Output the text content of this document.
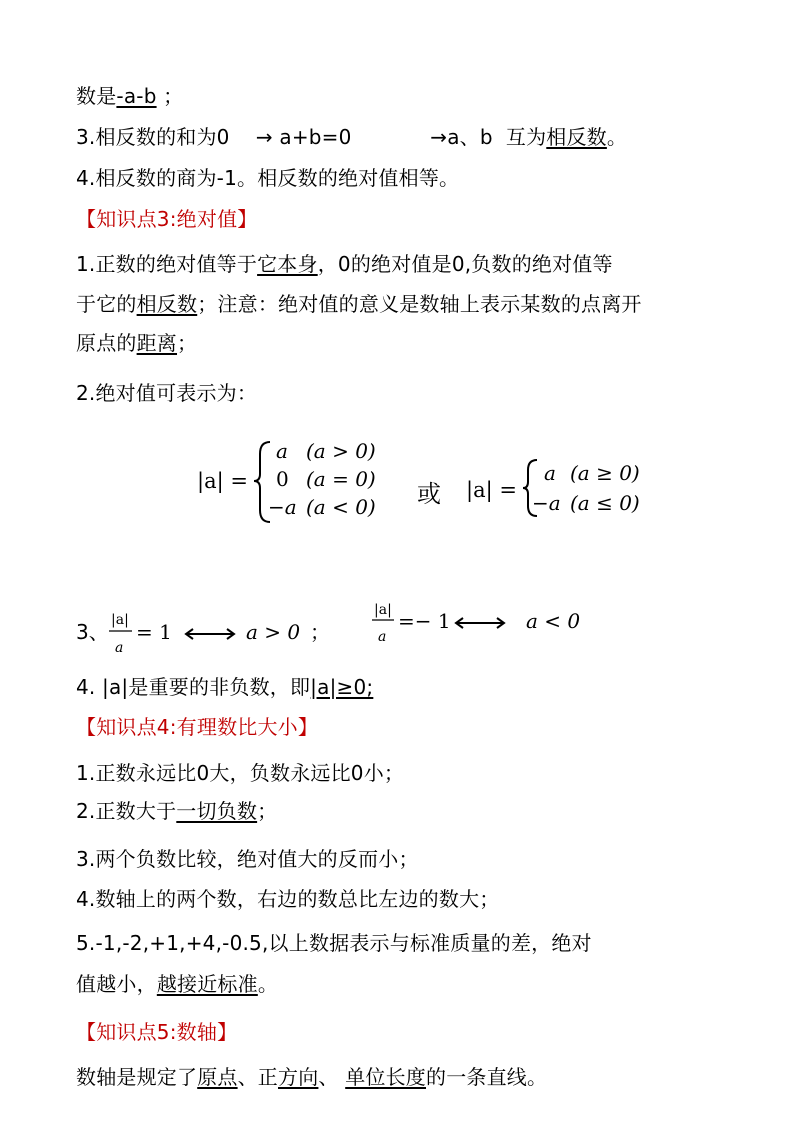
数是-a-b ；
3.相反数的和为0    → a+b=0            →a、b  互为相反数。
4.相反数的商为-1。相反数的绝对值相等。
【知识点3:绝对值】
1.正数的绝对值等于它本身，0的绝对值是0,负数的绝对值等
于它的相反数；注意：绝对值的意义是数轴上表示某数的点离开
原点的距离；
2.绝对值可表示为：
|a| =
a (a > 0)
0 (a = 0)
−a (a < 0) 或 |a| =
a (a ≥ 0)
−a (a ≤ 0)
3、 |a|
a
= 1	a > 0 ；
|a|
a
=− 1	a < 0
4. |a|是重要的非负数，即|a|≥0;
【知识点4:有理数比大小】
1.正数永远比0大，负数永远比0小；
2.正数大于一切负数；
3.两个负数比较，绝对值大的反而小；
4.数轴上的两个数，右边的数总比左边的数大；
5.-1,-2,+1,+4,-0.5,以上数据表示与标准质量的差，绝对
值越小，越接近标准。
【知识点5:数轴】
数轴是规定了原点、正方向、 单位长度的一条直线。
